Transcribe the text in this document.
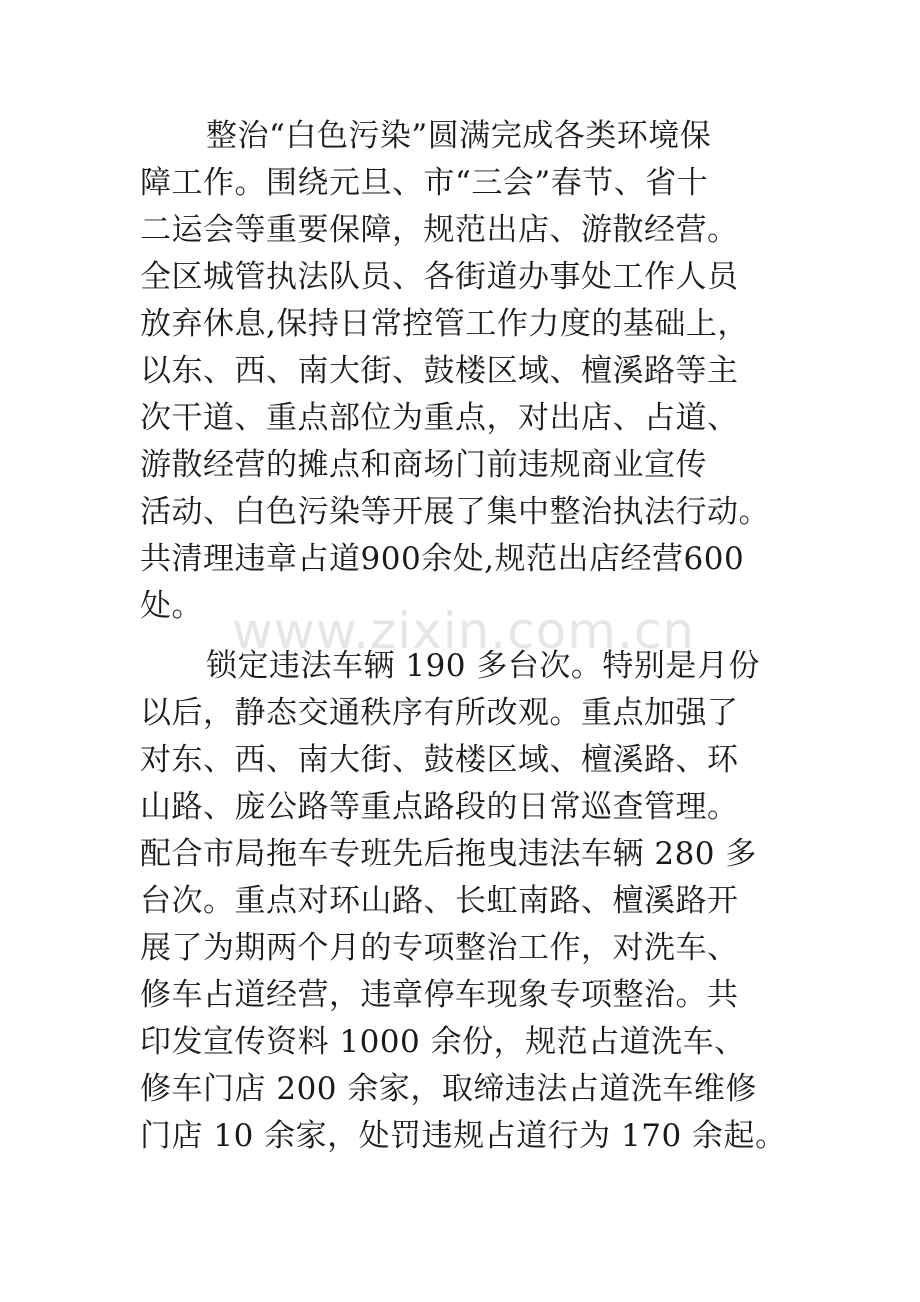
整治“白色污染”圆满完成各类环境保
障工作。围绕元旦、市“三会”春节、省十
二运会等重要保障，规范出店、游散经营。
全区城管执法队员、各街道办事处工作人员
放弃休息,保持日常控管工作力度的基础上，
以东、西、南大街、鼓楼区域、檀溪路等主
次干道、重点部位为重点，对出店、占道、
游散经营的摊点和商场门前违规商业宣传
活动、白色污染等开展了集中整治执法行动。
共清理违章占道900余处,规范出店经营600
处。 www.zixin.com.cn
锁定违法车辆 190 多台次。特别是月份
以后，静态交通秩序有所改观。重点加强了
对东、西、南大街、鼓楼区域、檀溪路、环
山路、庞公路等重点路段的日常巡查管理。
配合市局拖车专班先后拖曳违法车辆 280 多
台次。重点对环山路、长虹南路、檀溪路开
展了为期两个月的专项整治工作，对洗车、
修车占道经营，违章停车现象专项整治。共
印发宣传资料 1000 余份，规范占道洗车、
修车门店 200 余家，取缔违法占道洗车维修
门店 10 余家，处罚违规占道行为 170 余起。
